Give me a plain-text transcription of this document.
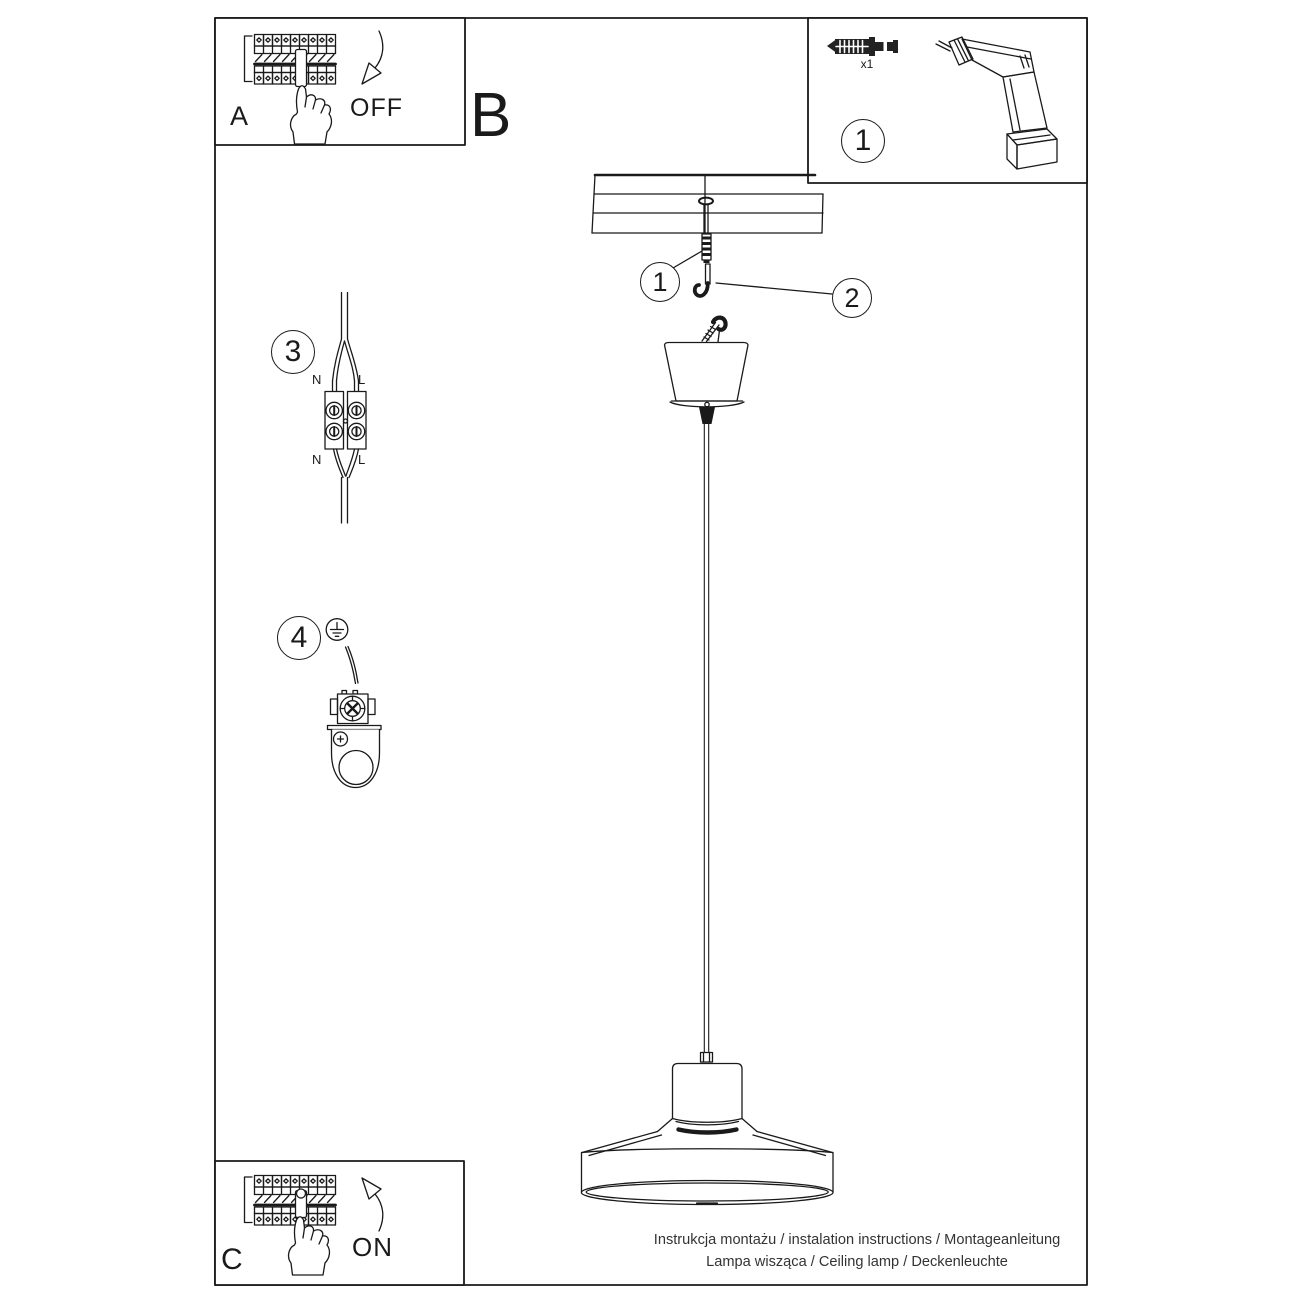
A	OFF B
C	ON
x1
1
1
2
3
4
N	L
N	L
Instrukcja montażu / instalation instructions / Montageanleitung
Lampa wisząca / Ceiling lamp / Deckenleuchte
